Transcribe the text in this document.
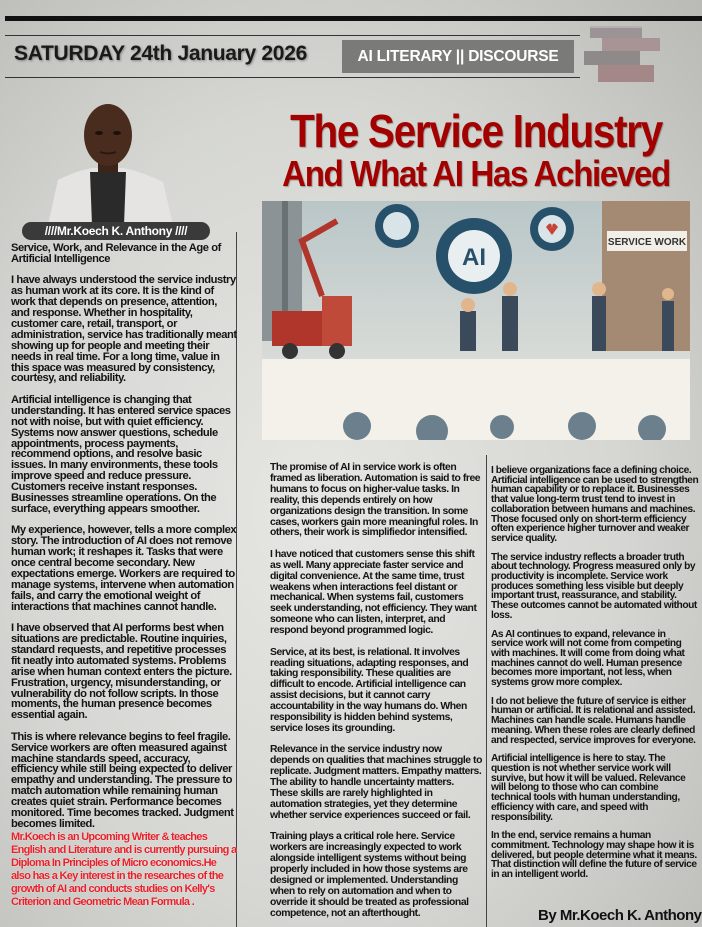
SATURDAY 24th January 2026	AI LITERARY || DISCOURSE
////Mr.Koech K. Anthony ////
The Service Industry
And What AI Has Achieved
SERVICE WORK
AI

Service, Work, and Relevance in the Age of Artificial Intelligence

I have always understood the service industry as human work at its core. It is the kind of work that depends on presence, attention, and response. Whether in hospitality, customer care, retail, transport, or administration, service has traditionally meant showing up for people and meeting their needs in real time. For a long time, value in this space was measured by consistency, courtesy, and reliability.

Artificial intelligence is changing that understanding. It has entered service spaces not with noise, but with quiet efficiency. Systems now answer questions, schedule appointments, process payments, recommend options, and resolve basic issues. In many environments, these tools improve speed and reduce pressure. Customers receive instant responses. Businesses streamline operations. On the surface, everything appears smoother.

My experience, however, tells a more complex story. The introduction of AI does not remove human work; it reshapes it. Tasks that were once central become secondary. New expectations emerge. Workers are required to manage systems, intervene when automation fails, and carry the emotional weight of interactions that machines cannot handle.

I have observed that AI performs best when situations are predictable. Routine inquiries, standard requests, and repetitive processes fit neatly into automated systems. Problems arise when human context enters the picture. Frustration, urgency, misunderstanding, or vulnerability do not follow scripts. In those moments, the human presence becomes essential again.

This is where relevance begins to feel fragile. Service workers are often measured against machine standards speed, accuracy, efficiency while still being expected to deliver empathy and understanding. The pressure to match automation while remaining human creates quiet strain. Performance becomes monitored. Time becomes tracked. Judgment becomes limited.

Mr.Koech is an Upcoming Writer & teaches English and Literature and is currently pursuing a Diploma In Principles of Micro economics.He also has a Key interest in the researches of the growth of AI and conducts studies on Kelly's Criterion and Geometric Mean Formula .

The promise of AI in service work is often framed as liberation. Automation is said to free humans to focus on higher-value tasks. In reality, this depends entirely on how organizations design the transition. In some cases, workers gain more meaningful roles. In others, their work is simplifiedor intensified.

I have noticed that customers sense this shift as well. Many appreciate faster service and digital convenience. At the same time, trust weakens when interactions feel distant or mechanical. When systems fail, customers seek understanding, not efficiency. They want someone who can listen, interpret, and respond beyond programmed logic.

Service, at its best, is relational. It involves reading situations, adapting responses, and taking responsibility. These qualities are difficult to encode. Artificial intelligence can assist decisions, but it cannot carry accountability in the way humans do. When responsibility is hidden behind systems, service loses its grounding.

Relevance in the service industry now depends on qualities that machines struggle to replicate. Judgment matters. Empathy matters. The ability to handle uncertainty matters. These skills are rarely highlighted in automation strategies, yet they determine whether service experiences succeed or fail.

Training plays a critical role here. Service workers are increasingly expected to work alongside intelligent systems without being properly included in how those systems are designed or implemented. Understanding when to rely on automation and when to override it should be treated as professional competence, not an afterthought.

I believe organizations face a defining choice. Artificial intelligence can be used to strengthen human capability or to replace it. Businesses that value long-term trust tend to invest in collaboration between humans and machines. Those focused only on short-term efficiency often experience higher turnover and weaker service quality.

The service industry reflects a broader truth about technology. Progress measured only by productivity is incomplete. Service work produces something less visible but deeply important trust, reassurance, and stability. These outcomes cannot be automated without loss.

As AI continues to expand, relevance in service work will not come from competing with machines. It will come from doing what machines cannot do well. Human presence becomes more important, not less, when systems grow more complex.

I do not believe the future of service is either human or artificial. It is relational and assisted. Machines can handle scale. Humans handle meaning. When these roles are clearly defined and respected, service improves for everyone.

Artificial intelligence is here to stay. The question is not whether service work will survive, but how it will be valued. Relevance will belong to those who can combine technical tools with human understanding, efficiency with care, and speed with responsibility.

In the end, service remains a human commitment. Technology may shape how it is delivered, but people determine what it means. That distinction will define the future of service in an intelligent world.

By Mr.Koech K. Anthony
